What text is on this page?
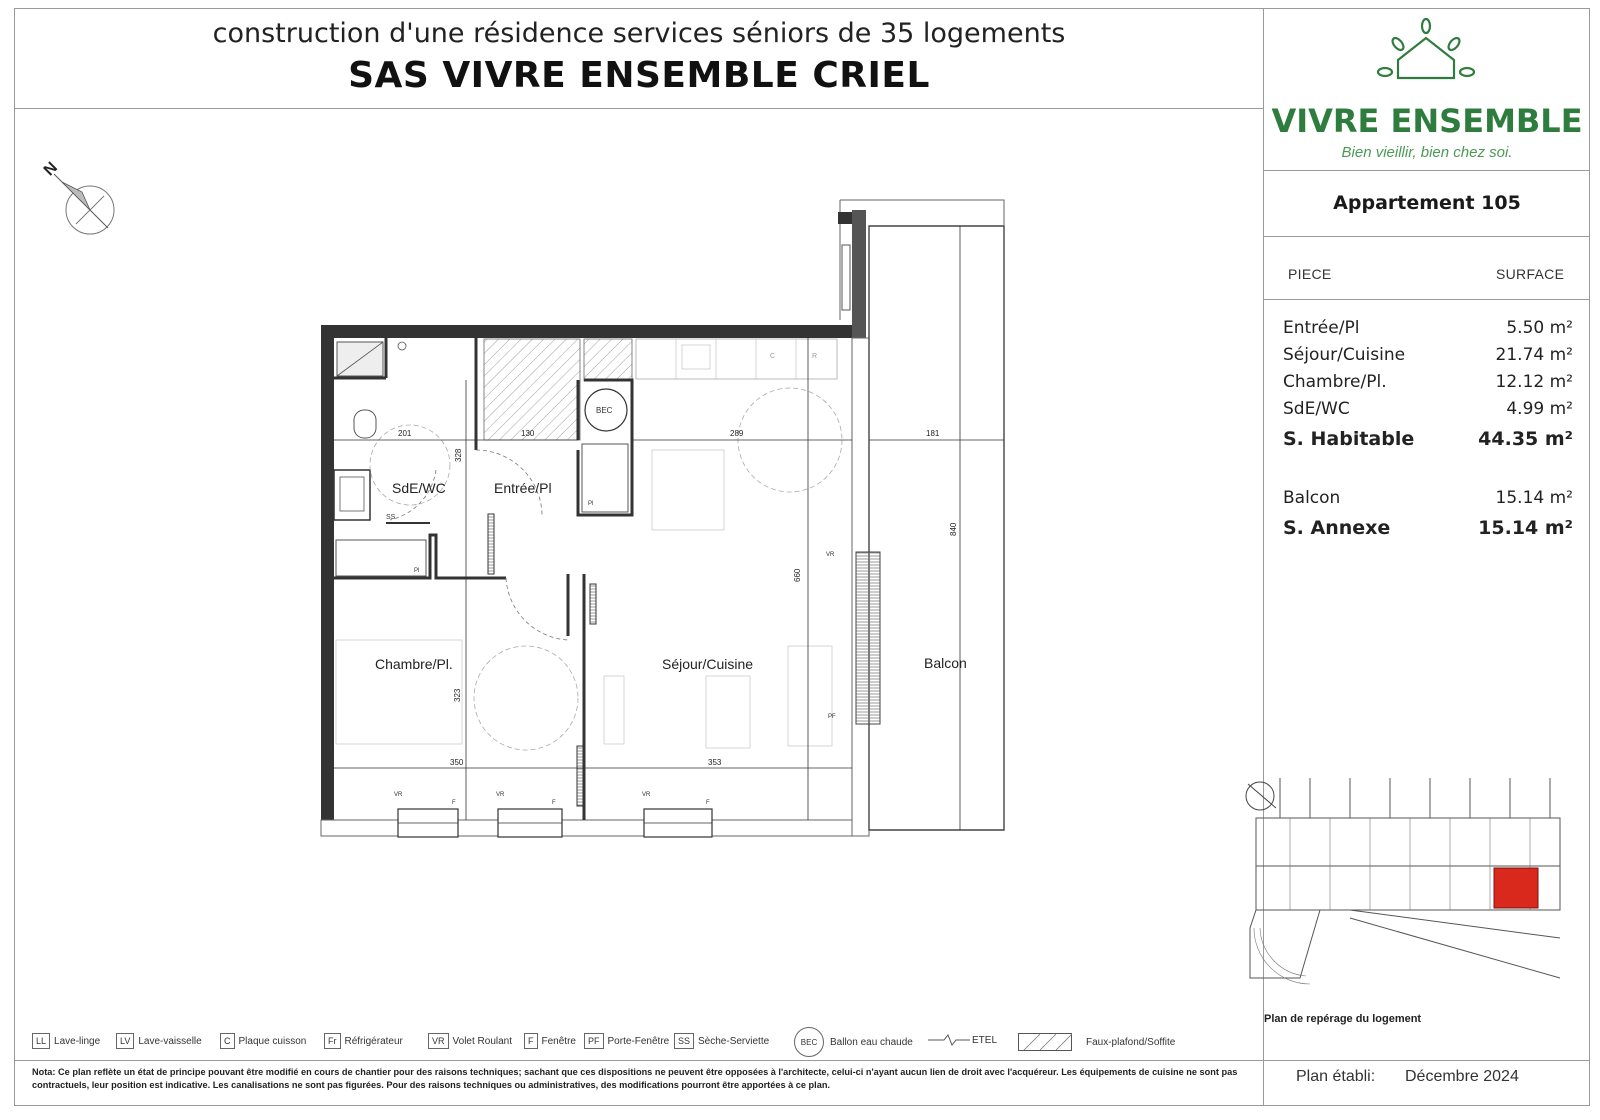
construction d'une résidence services séniors de 35 logements
SAS VIVRE ENSEMBLE CRIEL
VIVRE ENSEMBLE
Bien vieillir, bien chez soi.
Appartement 105
PIECE	SURFACE
Entrée/Pl	5.50 m²
Séjour/Cuisine	21.74 m²
Chambre/Pl.	12.12 m²
SdE/WC	4.99 m²
S. Habitable	44.35 m²
Balcon	15.14 m²
S. Annexe	15.14 m²
N
C	R
SS
BEC
Pl
Pl
VR
F
VR
F
VR
F
VR
PF
201	130	289	181
350	353
328
660
840
323
SdE/WC	Entrée/Pl
Chambre/Pl.	Séjour/Cuisine	Balcon
Plan de repérage du logement
LL Lave-linge	LV Lave-vaisselle	C Plaque cuisson	Fr Réfrigérateur	VR Volet Roulant	F Fenêtre	PF Porte-Fenêtre SS Sèche-Serviette	BEC	Ballon eau chaude	ETEL	Faux-plafond/Soffite
Nota: Ce plan reflète un état de principe pouvant être modifié en cours de chantier pour des raisons techniques; sachant que ces dispositions ne peuvent être opposées à l'architecte, celui-ci n'ayant aucun lien de droit avec l'acquéreur. Les équipements de cuisine ne sont pas contractuels, leur position est indicative. Les canalisations ne sont pas figurées. Pour des raisons techniques ou administratives, des modifications pourront être apportées à ce plan.	Plan établi: Décembre 2024
